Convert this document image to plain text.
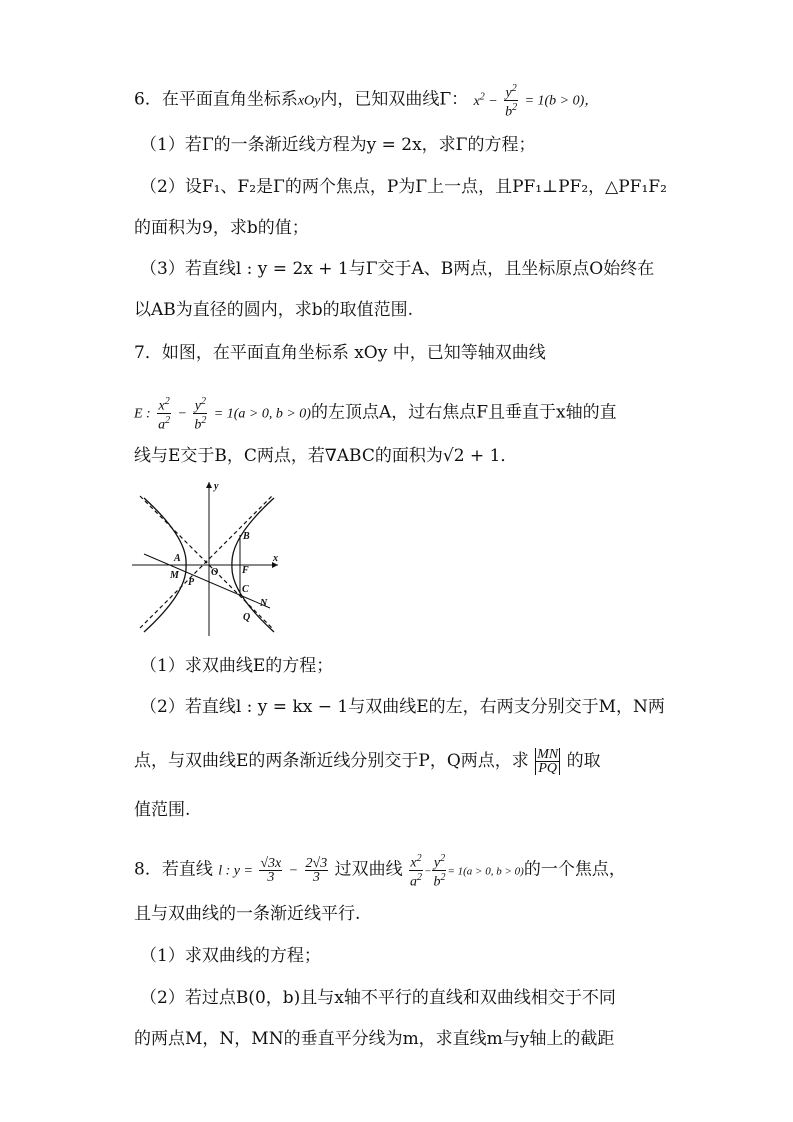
6．在平面直角坐标系xOy内，已知双曲线Γ： $x^2 - \frac{y^2}{b^2} = 1(b > 0)$，
（1）若Γ的一条渐近线方程为y = 2x，求Γ的方程；
（2）设F₁、F₂是Γ的两个焦点，P为Γ上一点，且PF₁⊥PF₂，△PF₁F₂
的面积为9，求b的值；
（3）若直线l : y = 2x + 1与Γ交于A、B两点，且坐标原点O始终在
以AB为直径的圆内，求b的取值范围.
7．如图，在平面直角坐标系 xOy 中，已知等轴双曲线
E : $\frac{x^2}{a^2} - \frac{y^2}{b^2} = 1(a > 0$, b > 0)的左顶点A，过右焦点F且垂直于x轴的直
线与E交于B，C两点，若∇ABC的面积为√2 + 1．
y
x
A
B
O F
M
P
C
N
Q
（1）求双曲线E的方程；
（2）若直线l : y = kx − 1与双曲线E的左，右两支分别交于M，N两
点，与双曲线E的两条渐近线分别交于P，Q两点，求 $\frac{MN}{PQ}$ 的取
值范围.
8．若直线 l : $y = \frac{√3x}{3} - \frac{2√3}{3}$ 过双曲线 $\frac{x^2}{a^2} - \frac{y^2}{b^2} = 1(a > 0$, b > 0)的一个焦点，
且与双曲线的一条渐近线平行.
（1）求双曲线的方程；
（2）若过点B(0，b)且与x轴不平行的直线和双曲线相交于不同
的两点M，N，MN的垂直平分线为m，求直线m与y轴上的截距
